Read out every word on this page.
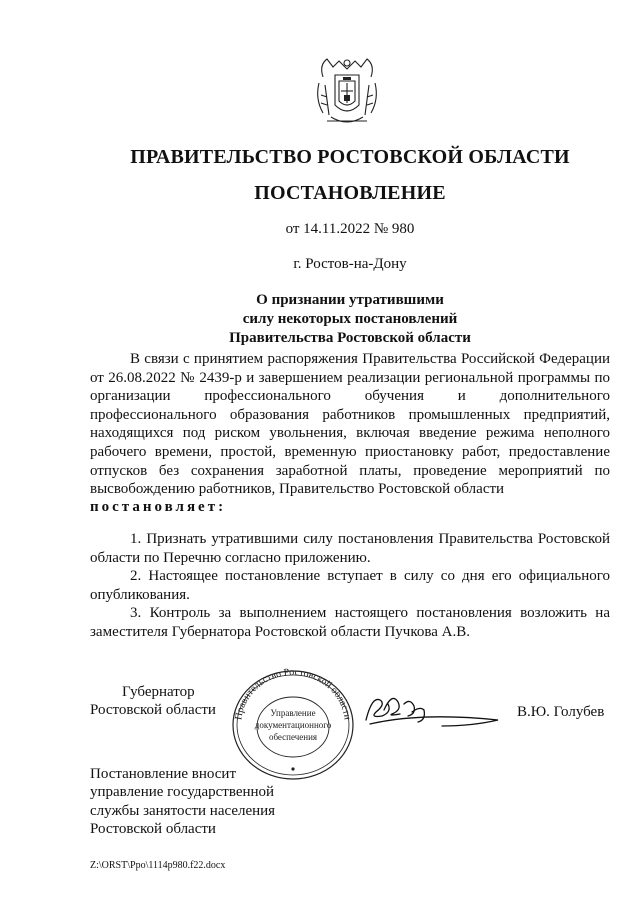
ПРАВИТЕЛЬСТВО РОСТОВСКОЙ ОБЛАСТИ
ПОСТАНОВЛЕНИЕ
от 14.11.2022 № 980
г. Ростов-на-Дону
О признании утратившими
силу некоторых постановлений
Правительства Ростовской области
В связи с принятием распоряжения Правительства Российской Федерации от 26.08.2022 № 2439-р и завершением реализации региональной программы по организации профессионального обучения и дополнительного профессионального образования работников промышленных предприятий, находящихся под риском увольнения, включая введение режима неполного рабочего времени, простой, временную приостановку работ, предоставление отпусков без сохранения заработной платы, проведение мероприятий по высвобождению работников, Правительство Ростовской области
постановляет:
1. Признать утратившими силу постановления Правительства Ростовской области по Перечню согласно приложению.
2. Настоящее постановление вступает в силу со дня его официального опубликования.
3. Контроль за выполнением настоящего постановления возложить на заместителя Губернатора Ростовской области Пучкова А.В.
Губернатор
Ростовской области Правительство Ростовской области
Управление
документационного
обеспечения
В.Ю. Голубев
Постановление вносит
управление государственной
службы занятости населения
Ростовской области
Z:\ORST\Ppo\1114p980.f22.docx
